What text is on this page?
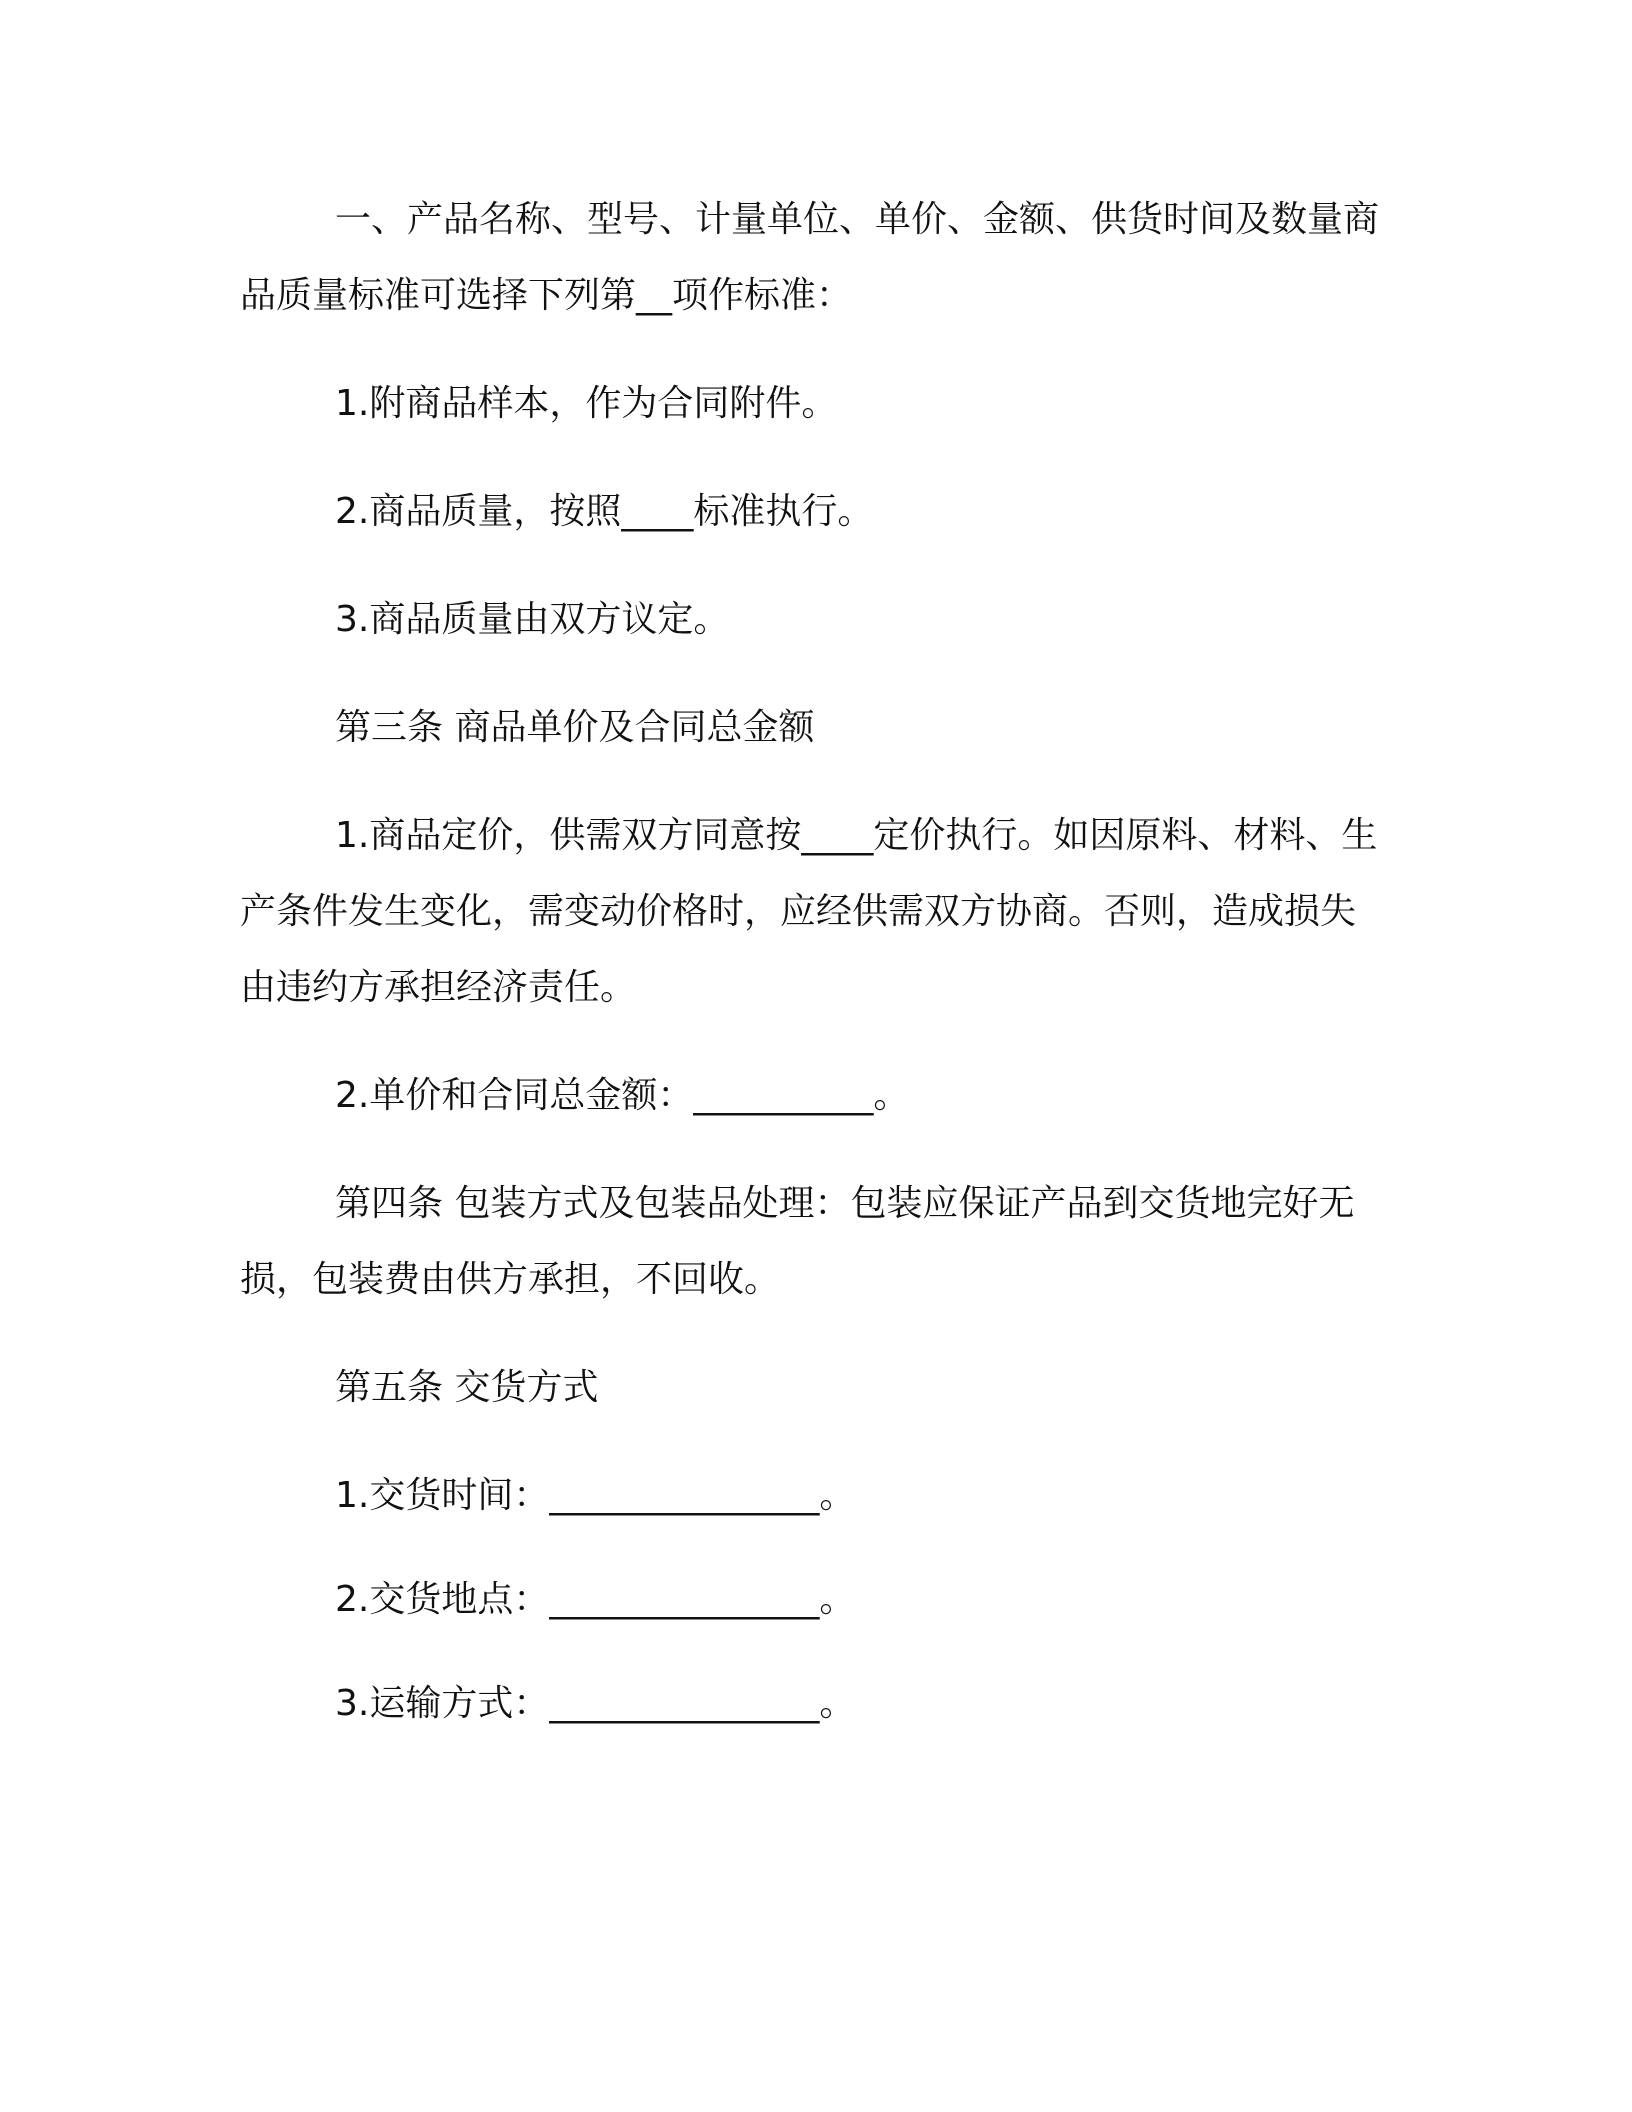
一、产品名称、型号、计量单位、单价、金额、供货时间及数量商品质量标准可选择下列第__项作标准：

1.附商品样本，作为合同附件。

2.商品质量，按照____标准执行。

3.商品质量由双方议定。

第三条 商品单价及合同总金额

1.商品定价，供需双方同意按____定价执行。如因原料、材料、生产条件发生变化，需变动价格时，应经供需双方协商。否则，造成损失由违约方承担经济责任。

2.单价和合同总金额：__________。

第四条 包装方式及包装品处理：包装应保证产品到交货地完好无损，包装费由供方承担，不回收。

第五条 交货方式

1.交货时间：_______________。

2.交货地点：_______________。

3.运输方式：_______________。
